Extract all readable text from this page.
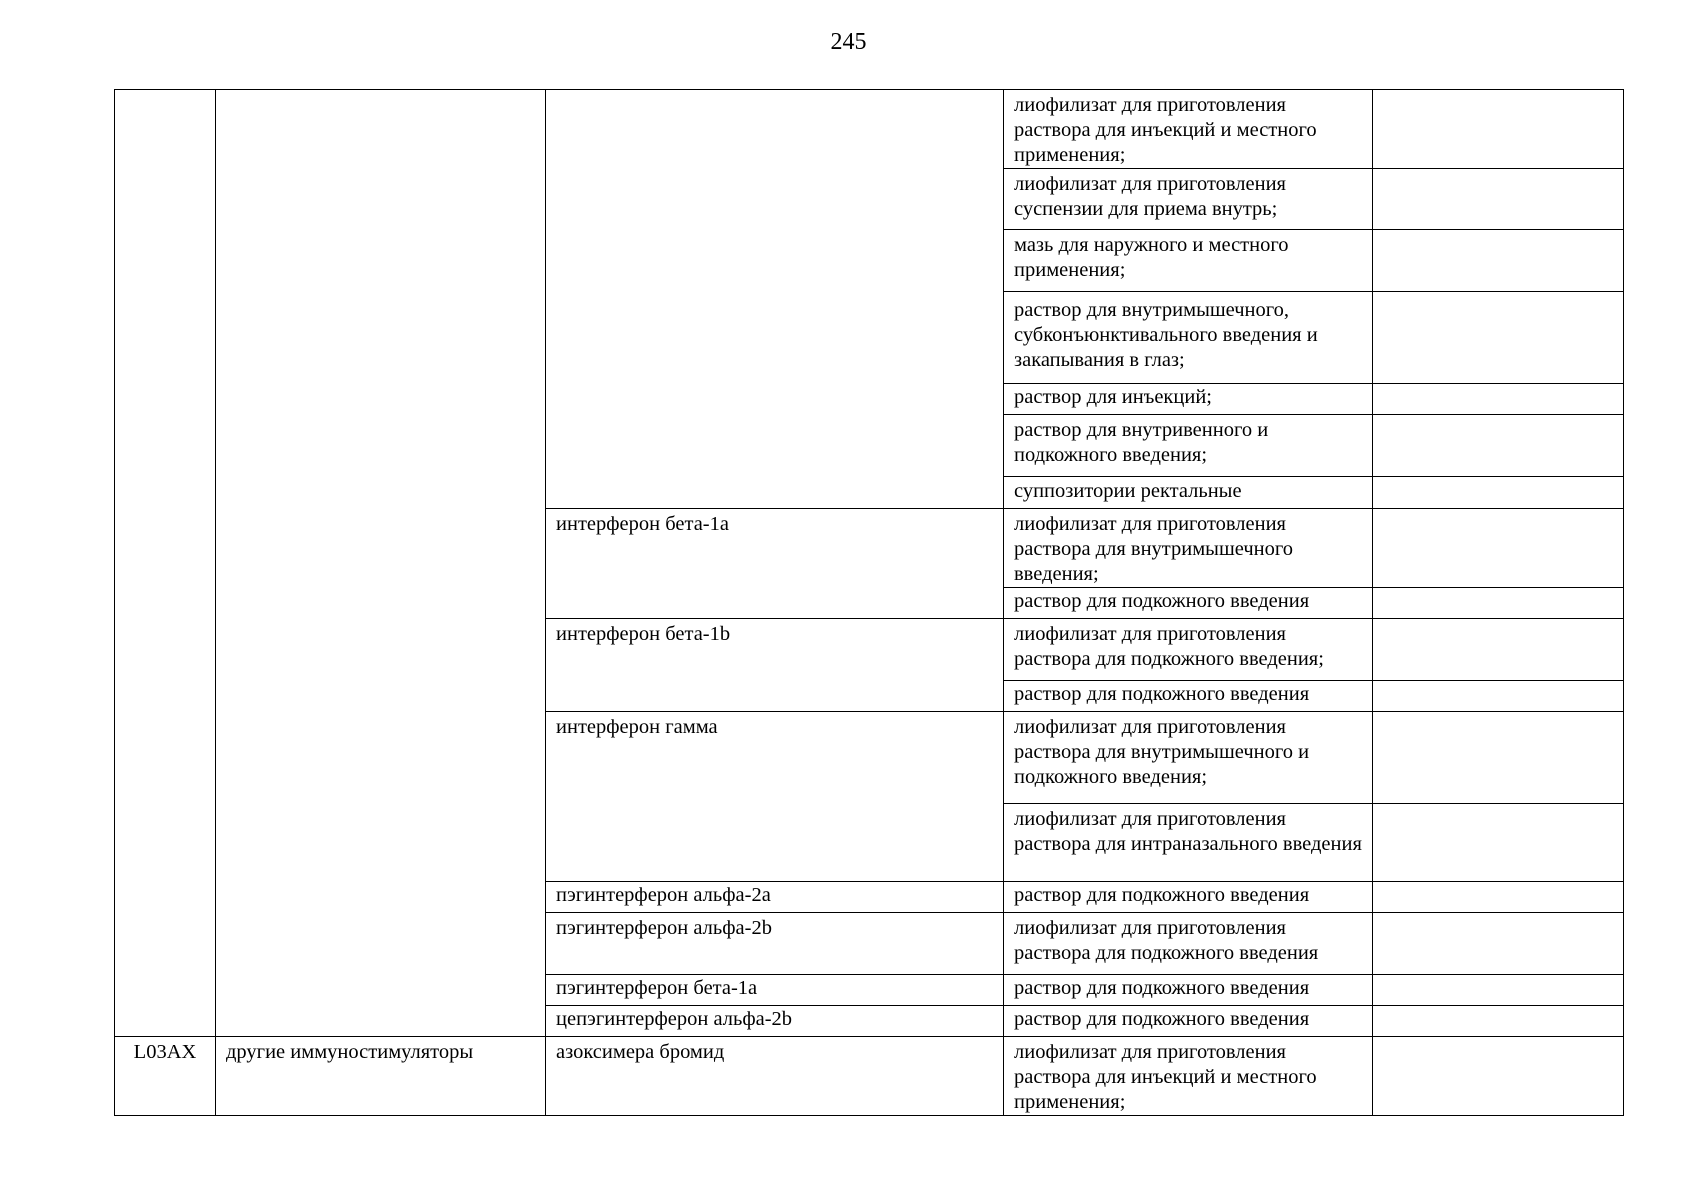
245
			лиофилизат для приготовления раствора для инъекций и местного применения;	
			лиофилизат для приготовления суспензии для приема внутрь;	
			мазь для наружного и местного применения;	
			раствор для внутримышечного, субконъюнктивального введения и закапывания в глаз;	
			раствор для инъекций;	
			раствор для внутривенного и подкожного введения;	
			суппозитории ректальные	
		интерферон бета-1a	лиофилизат для приготовления раствора для внутримышечного введения;	
			раствор для подкожного введения	
		интерферон бета-1b	лиофилизат для приготовления раствора для подкожного введения;	
			раствор для подкожного введения	
		интерферон гамма	лиофилизат для приготовления раствора для внутримышечного и подкожного введения;	
			лиофилизат для приготовления раствора для интраназального введения	
		пэгинтерферон альфа-2a	раствор для подкожного введения	
		пэгинтерферон альфа-2b	лиофилизат для приготовления раствора для подкожного введения	
		пэгинтерферон бета-1a	раствор для подкожного введения	
		цепэгинтерферон альфа-2b	раствор для подкожного введения	
L03AX	другие иммуностимуляторы	азоксимера бромид	лиофилизат для приготовления раствора для инъекций и местного применения;	
